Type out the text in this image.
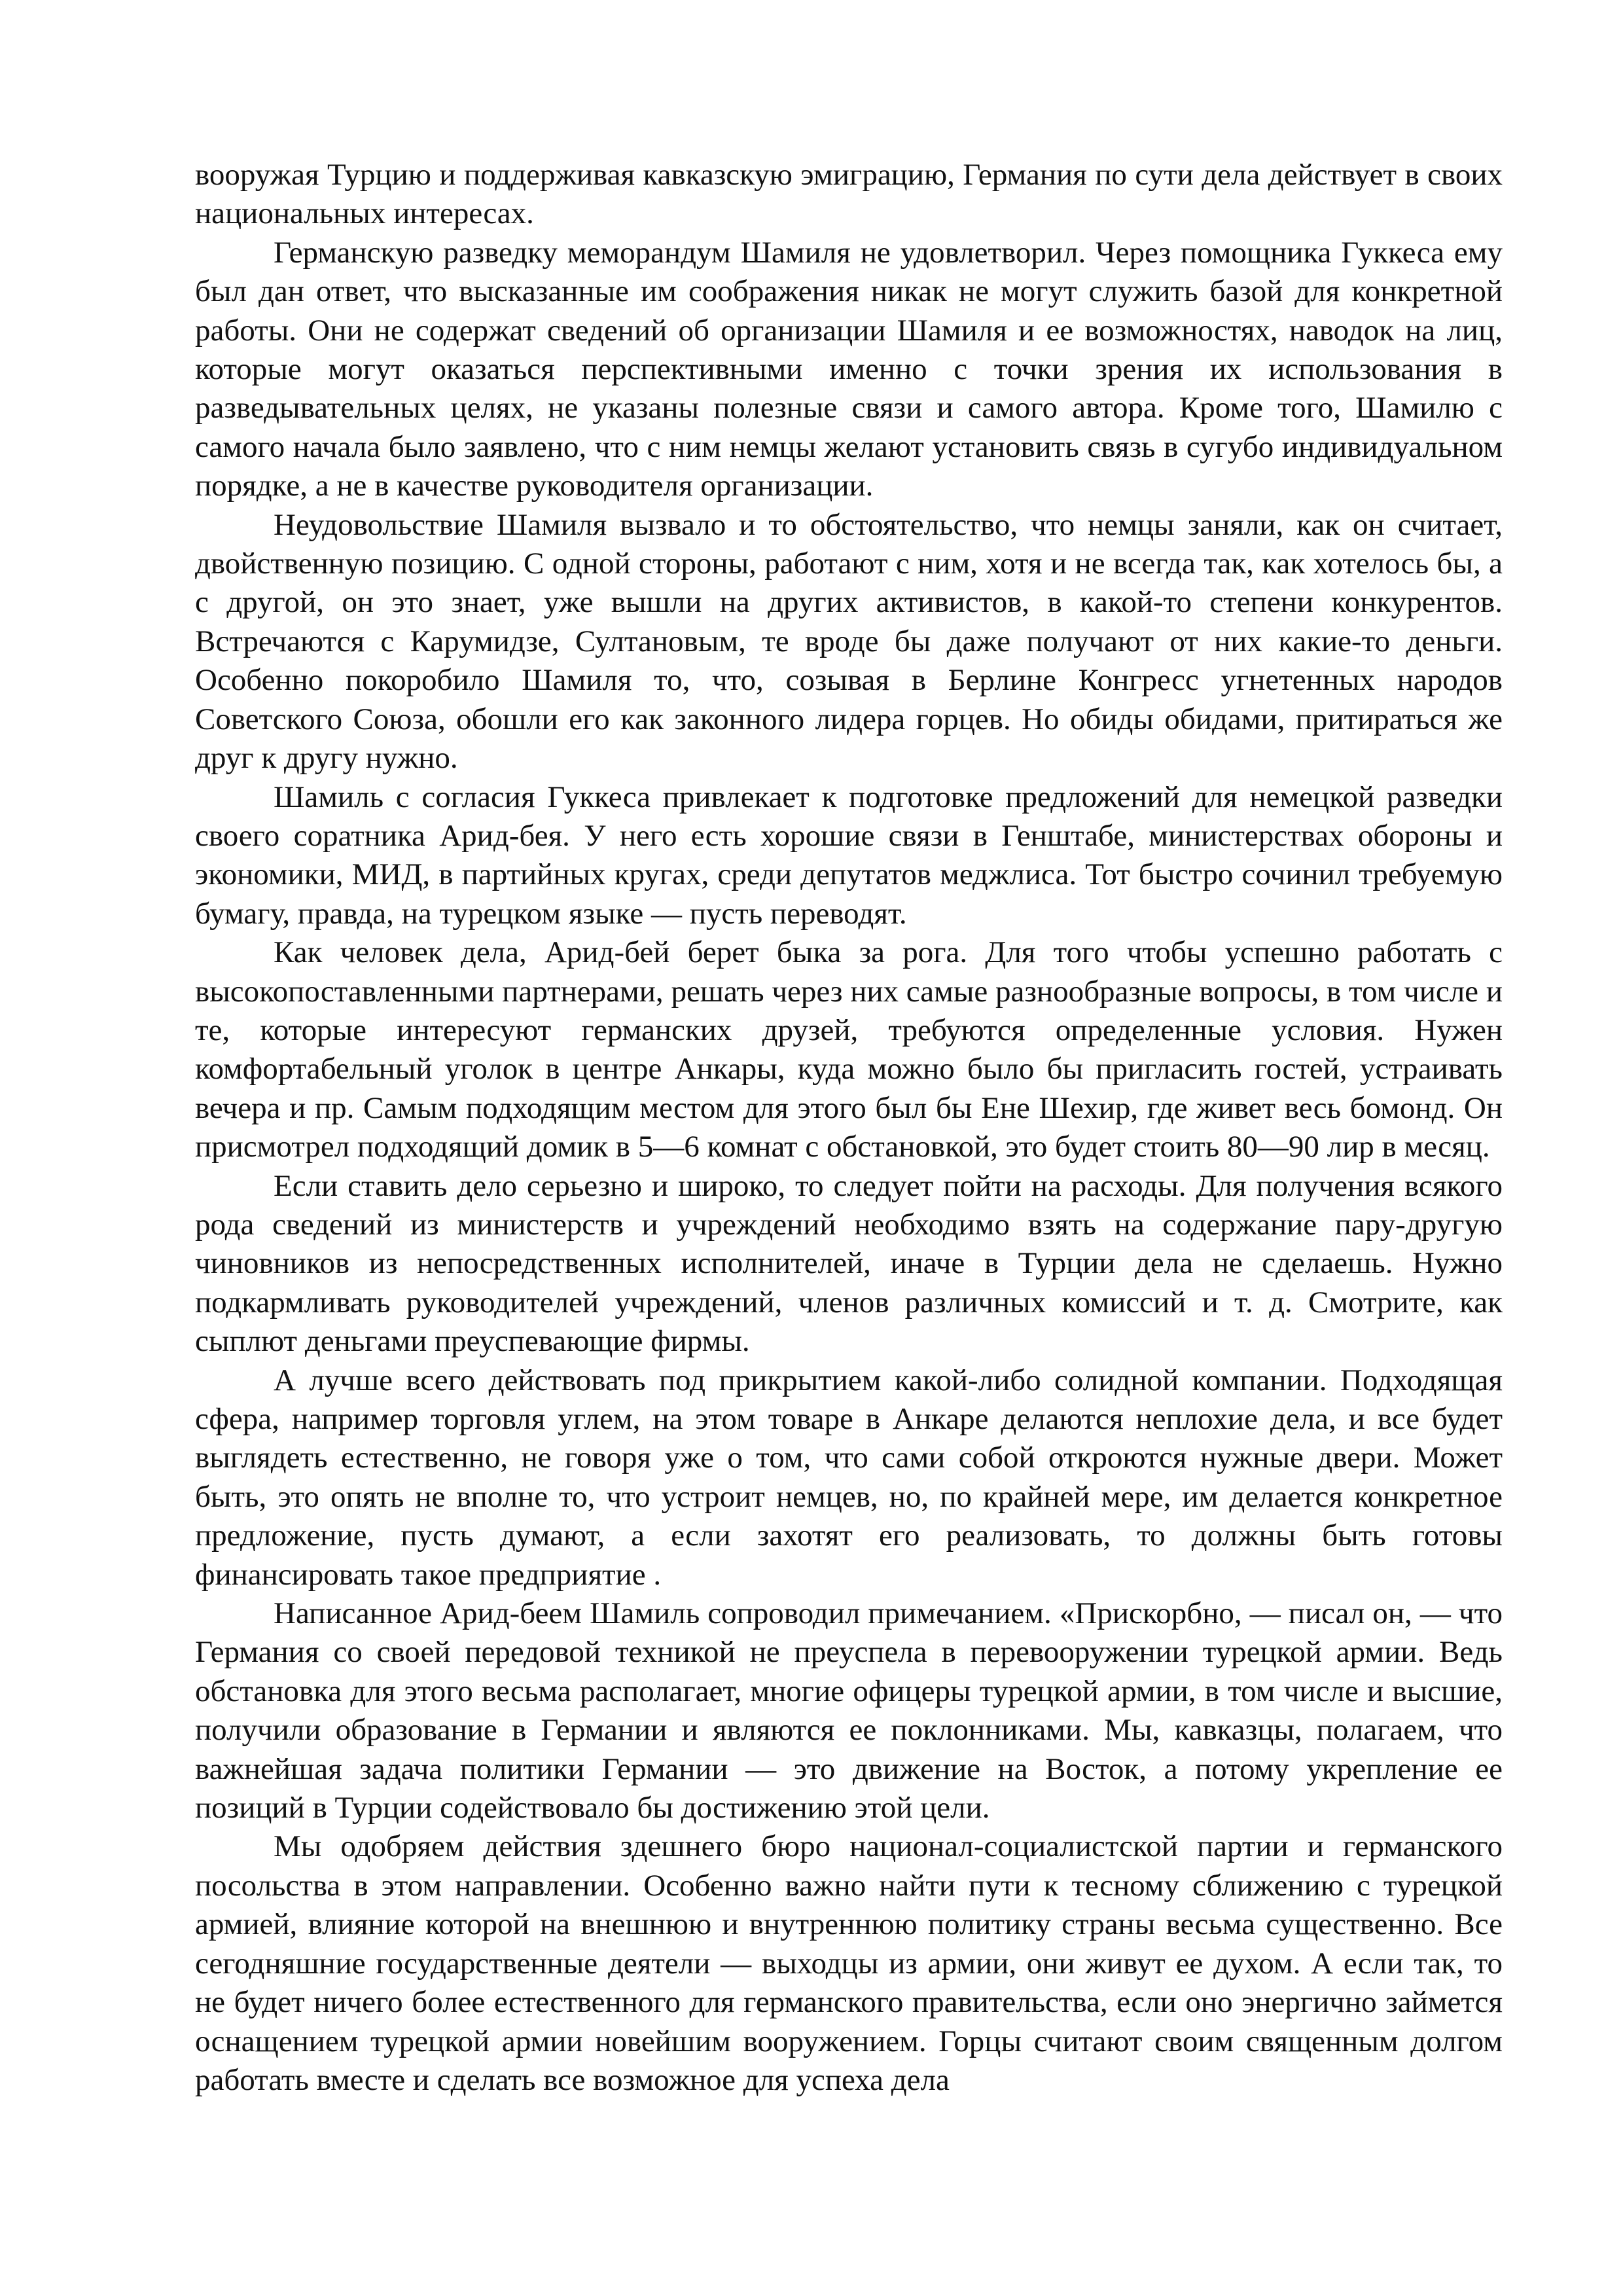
вооружая Турцию и поддерживая кавказскую эмиграцию, Германия по сути дела действует в своих национальных интересах.

Германскую разведку меморандум Шамиля не удовлетворил. Через помощника Гуккеса ему был дан ответ, что высказанные им соображения никак не могут служить базой для конкретной работы. Они не содержат сведений об организации Шамиля и ее возможностях, наводок на лиц, которые могут оказаться перспективными именно с точки зрения их использования в разведывательных целях, не указаны полезные связи и самого автора. Кроме того, Шамилю с самого начала было заявлено, что с ним немцы желают установить связь в сугубо индивидуальном порядке, а не в качестве руководителя организации.

Неудовольствие Шамиля вызвало и то обстоятельство, что немцы заняли, как он считает, двойственную позицию. С одной стороны, работают с ним, хотя и не всегда так, как хотелось бы, а с другой, он это знает, уже вышли на других активистов, в какой-то степени конкурентов. Встречаются с Карумидзе, Султановым, те вроде бы даже получают от них какие-то деньги. Особенно покоробило Шамиля то, что, созывая в Берлине Конгресс угнетенных народов Советского Союза, обошли его как законного лидера горцев. Но обиды обидами, притираться же друг к другу нужно.

Шамиль с согласия Гуккеса привлекает к подготовке предложений для немецкой разведки своего соратника Арид-бея. У него есть хорошие связи в Генштабе, министерствах обороны и экономики, МИД, в партийных кругах, среди депутатов меджлиса. Тот быстро сочинил требуемую бумагу, правда, на турецком языке — пусть переводят.

Как человек дела, Арид-бей берет быка за рога. Для того чтобы успешно работать с высокопоставленными партнерами, решать через них самые разнообразные вопросы, в том числе и те, которые интересуют германских друзей, требуются определенные условия. Нужен комфортабельный уголок в центре Анкары, куда можно было бы пригласить гостей, устраивать вечера и пр. Самым подходящим местом для этого был бы Ене Шехир, где живет весь бомонд. Он присмотрел подходящий домик в 5—6 комнат с обстановкой, это будет стоить 80—90 лир в месяц.

Если ставить дело серьезно и широко, то следует пойти на расходы. Для получения всякого рода сведений из министерств и учреждений необходимо взять на содержание пару-другую чиновников из непосредственных исполнителей, иначе в Турции дела не сделаешь. Нужно подкармливать руководителей учреждений, членов различных комиссий и т. д. Смотрите, как сыплют деньгами преуспевающие фирмы.

А лучше всего действовать под прикрытием какой-либо солидной компании. Подходящая сфера, например торговля углем, на этом товаре в Анкаре делаются неплохие дела, и все будет выглядеть естественно, не говоря уже о том, что сами собой откроются нужные двери. Может быть, это опять не вполне то, что устроит немцев, но, по крайней мере, им делается конкретное предложение, пусть думают, а если захотят его реализовать, то должны быть готовы финансировать такое предприятие .

Написанное Арид-беем Шамиль сопроводил примечанием. «Прискорбно, — писал он, — что Германия со своей передовой техникой не преуспела в перевооружении турецкой армии. Ведь обстановка для этого весьма располагает, многие офицеры турецкой армии, в том числе и высшие, получили образование в Германии и являются ее поклонниками. Мы, кавказцы, полагаем, что важнейшая задача политики Германии — это движение на Восток, а потому укрепление ее позиций в Турции содействовало бы достижению этой цели.

Мы одобряем действия здешнего бюро национал-социалистской партии и германского посольства в этом направлении. Особенно важно найти пути к тесному сближению с турецкой армией, влияние которой на внешнюю и внутреннюю политику страны весьма существенно. Все сегодняшние государственные деятели — выходцы из армии, они живут ее духом. А если так, то не будет ничего более естественного для германского правительства, если оно энергично займется оснащением турецкой армии новейшим вооружением. Горцы считают своим священным долгом работать вместе и сделать все возможное для успеха дела
